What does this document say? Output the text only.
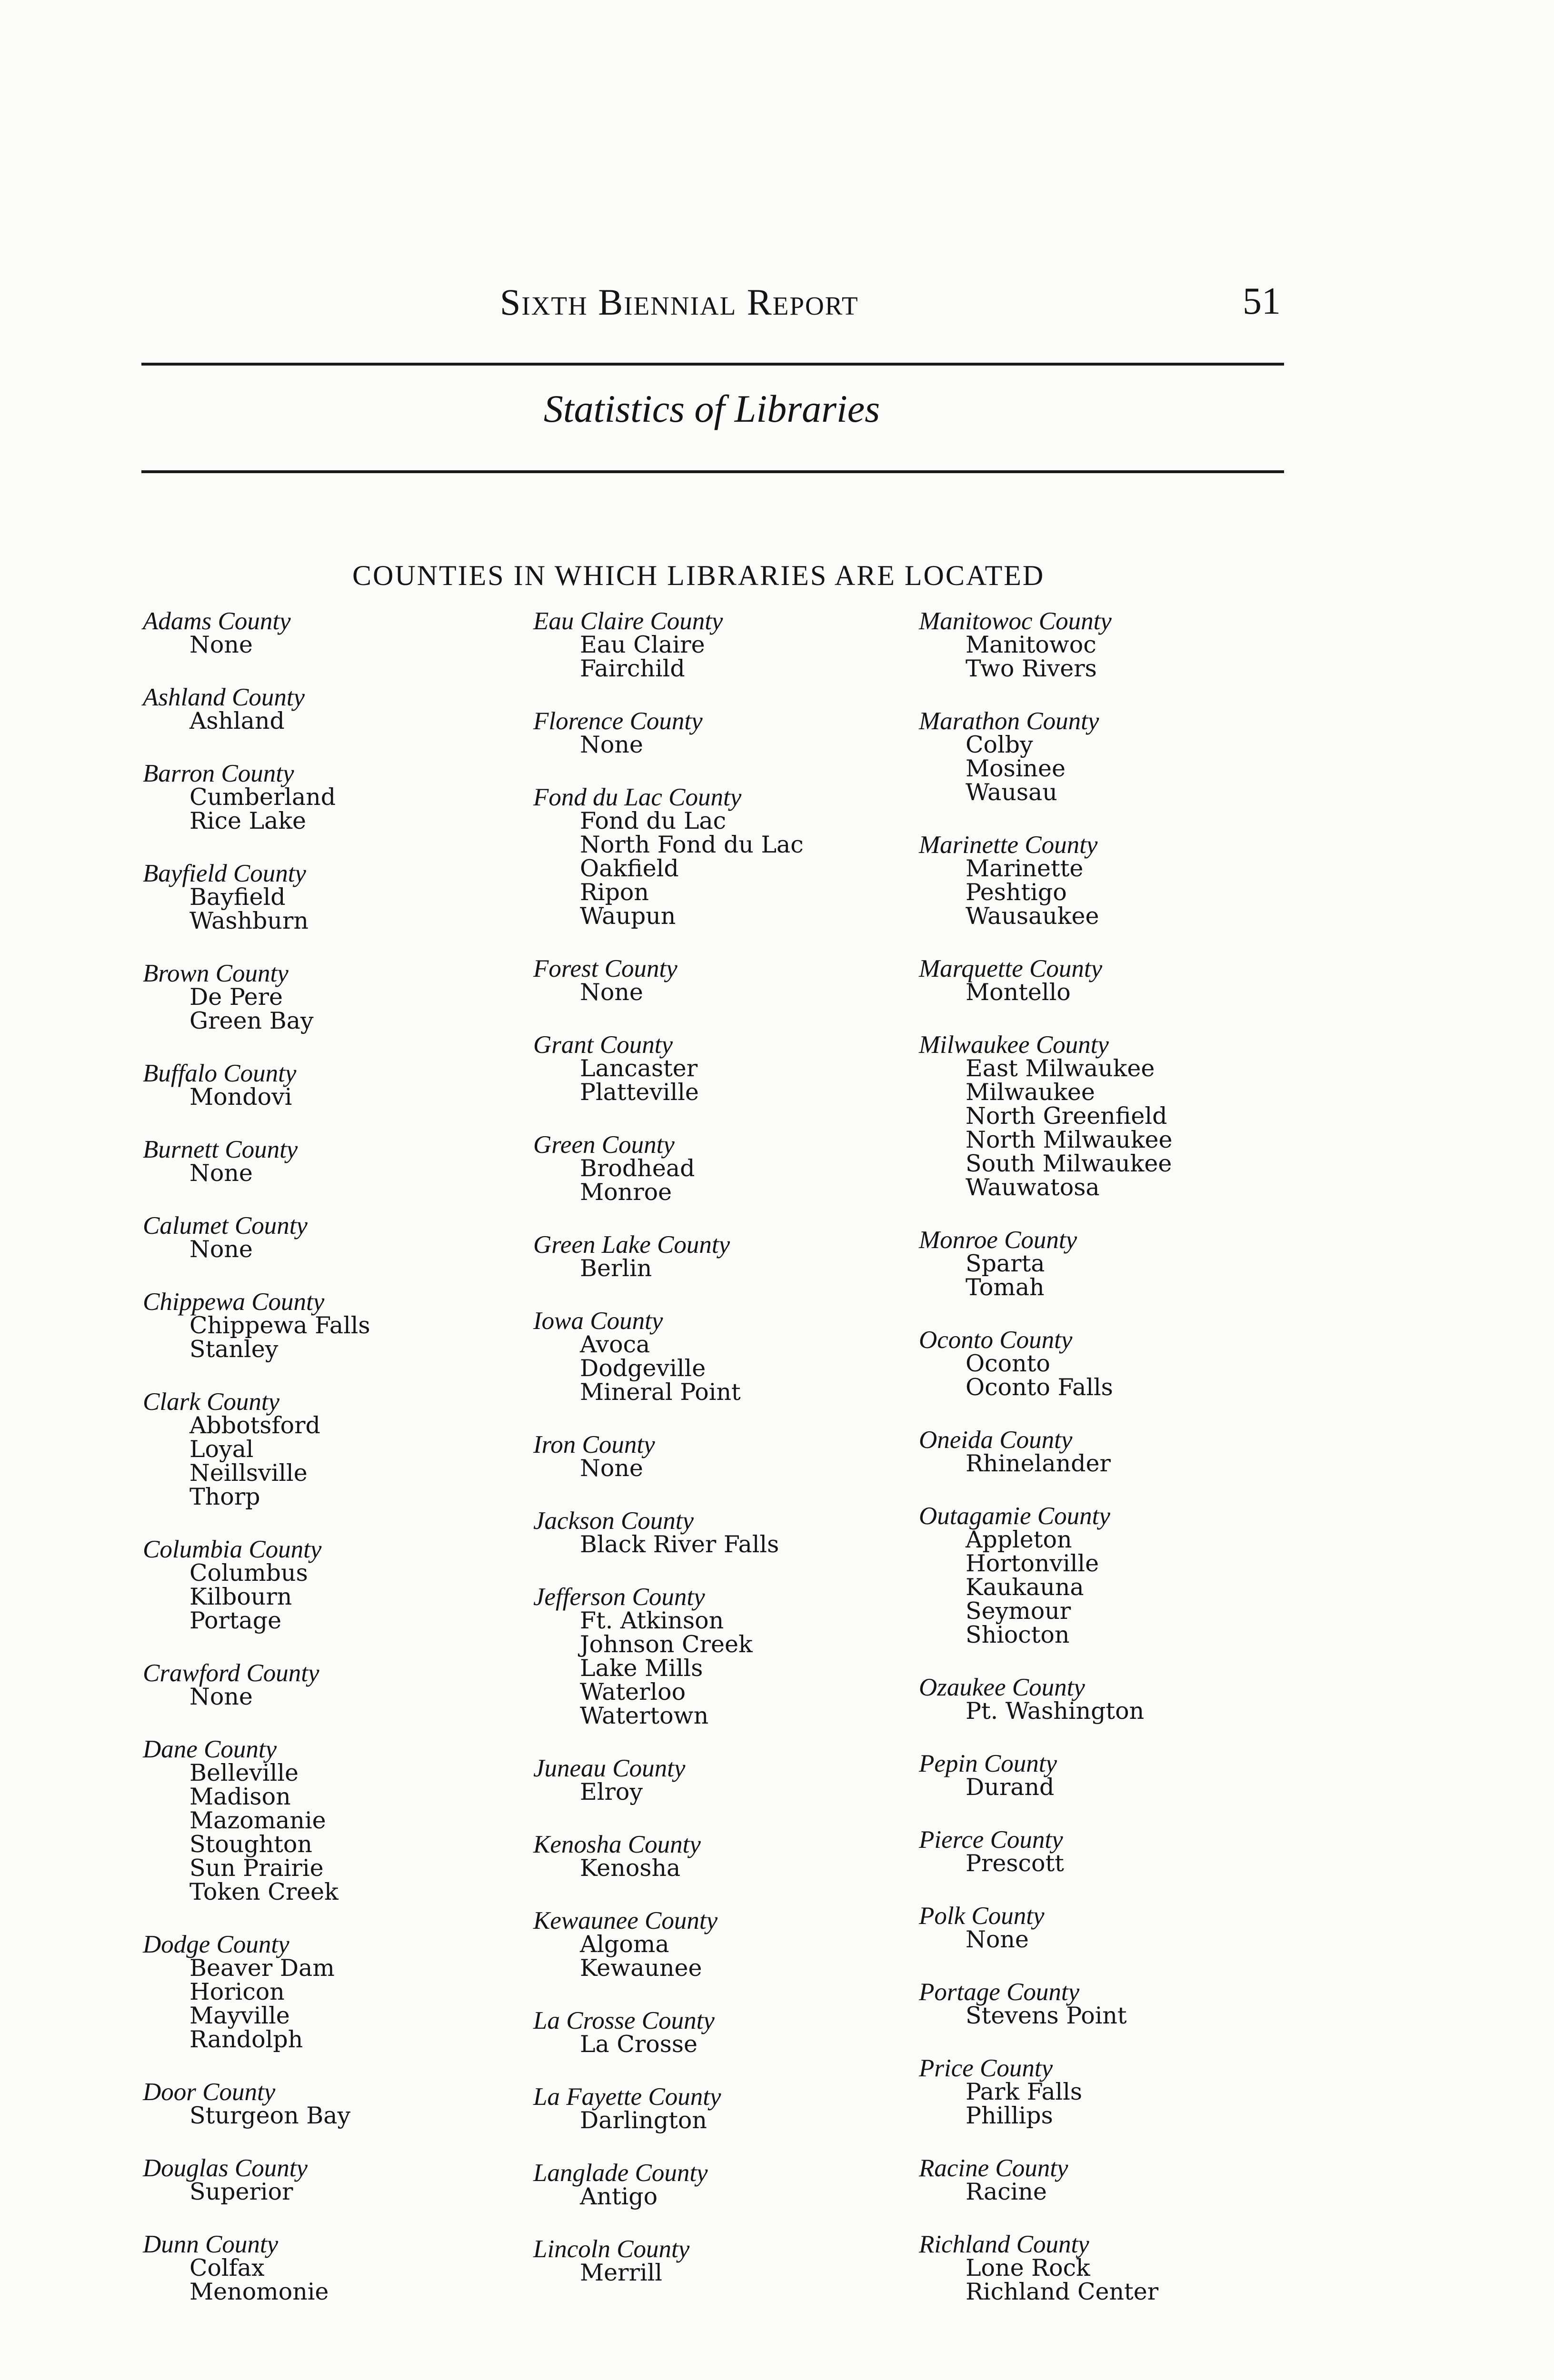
Sixth Biennial Report	51
Statistics of Libraries
COUNTIES IN WHICH LIBRARIES ARE LOCATED
Adams County
None
Ashland County
Ashland
Barron County
Cumberland
Rice Lake
Bayfield County
Bayfield
Washburn
Brown County
De Pere
Green Bay
Buffalo County
Mondovi
Burnett County
None
Calumet County
None
Chippewa County
Chippewa Falls
Stanley
Clark County
Abbotsford
Loyal
Neillsville
Thorp
Columbia County
Columbus
Kilbourn
Portage
Crawford County
None
Dane County
Belleville
Madison
Mazomanie
Stoughton
Sun Prairie
Token Creek
Dodge County
Beaver Dam
Horicon
Mayville
Randolph
Door County
Sturgeon Bay
Douglas County
Superior
Dunn County
Colfax
Menomonie
Eau Claire County
Eau Claire
Fairchild
Florence County
None
Fond du Lac County
Fond du Lac
North Fond du Lac
Oakfield
Ripon
Waupun
Forest County
None
Grant County
Lancaster
Platteville
Green County
Brodhead
Monroe
Green Lake County
Berlin
Iowa County
Avoca
Dodgeville
Mineral Point
Iron County
None
Jackson County
Black River Falls
Jefferson County
Ft. Atkinson
Johnson Creek
Lake Mills
Waterloo
Watertown
Juneau County
Elroy
Kenosha County
Kenosha
Kewaunee County
Algoma
Kewaunee
La Crosse County
La Crosse
La Fayette County
Darlington
Langlade County
Antigo
Lincoln County
Merrill
Manitowoc County
Manitowoc
Two Rivers
Marathon County
Colby
Mosinee
Wausau
Marinette County
Marinette
Peshtigo
Wausaukee
Marquette County
Montello
Milwaukee County
East Milwaukee
Milwaukee
North Greenfield
North Milwaukee
South Milwaukee
Wauwatosa
Monroe County
Sparta
Tomah
Oconto County
Oconto
Oconto Falls
Oneida County
Rhinelander
Outagamie County
Appleton
Hortonville
Kaukauna
Seymour
Shiocton
Ozaukee County
Pt. Washington
Pepin County
Durand
Pierce County
Prescott
Polk County
None
Portage County
Stevens Point
Price County
Park Falls
Phillips
Racine County
Racine
Richland County
Lone Rock
Richland Center
